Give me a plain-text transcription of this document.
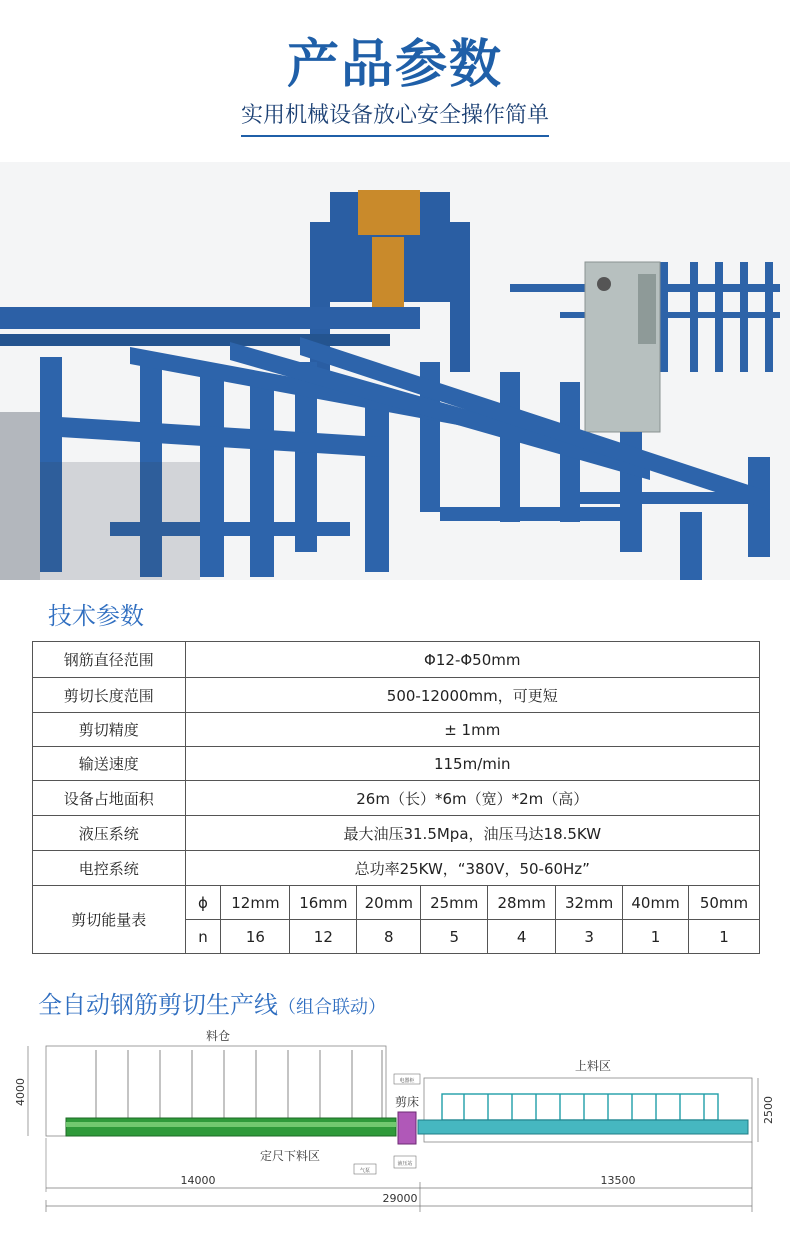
产品参数
实用机械设备放心安全操作简单
技术参数
钢筋直径范围	Φ12-Φ50mm								
剪切长度范围	500-12000mm，可更短								
剪切精度	± 1mm								
输送速度	115m/min								
设备占地面积	26m（长）*6m（宽）*2m（高）								
液压系统	最大油压31.5Mpa，油压马达18.5KW								
电控系统	总功率25KW，“380V，50-60Hz”								
剪切能量表	ϕ	12mm	16mm	20mm	25mm	28mm	32mm	40mm	50mm
	n	16	12	8	5	4	3	1	1
全自动钢筋剪切生产线（组合联动）
料仓
上料区
剪床
定尺下料区
电器柜
气泵
液压站
14000	13500
29000
4000
2500
